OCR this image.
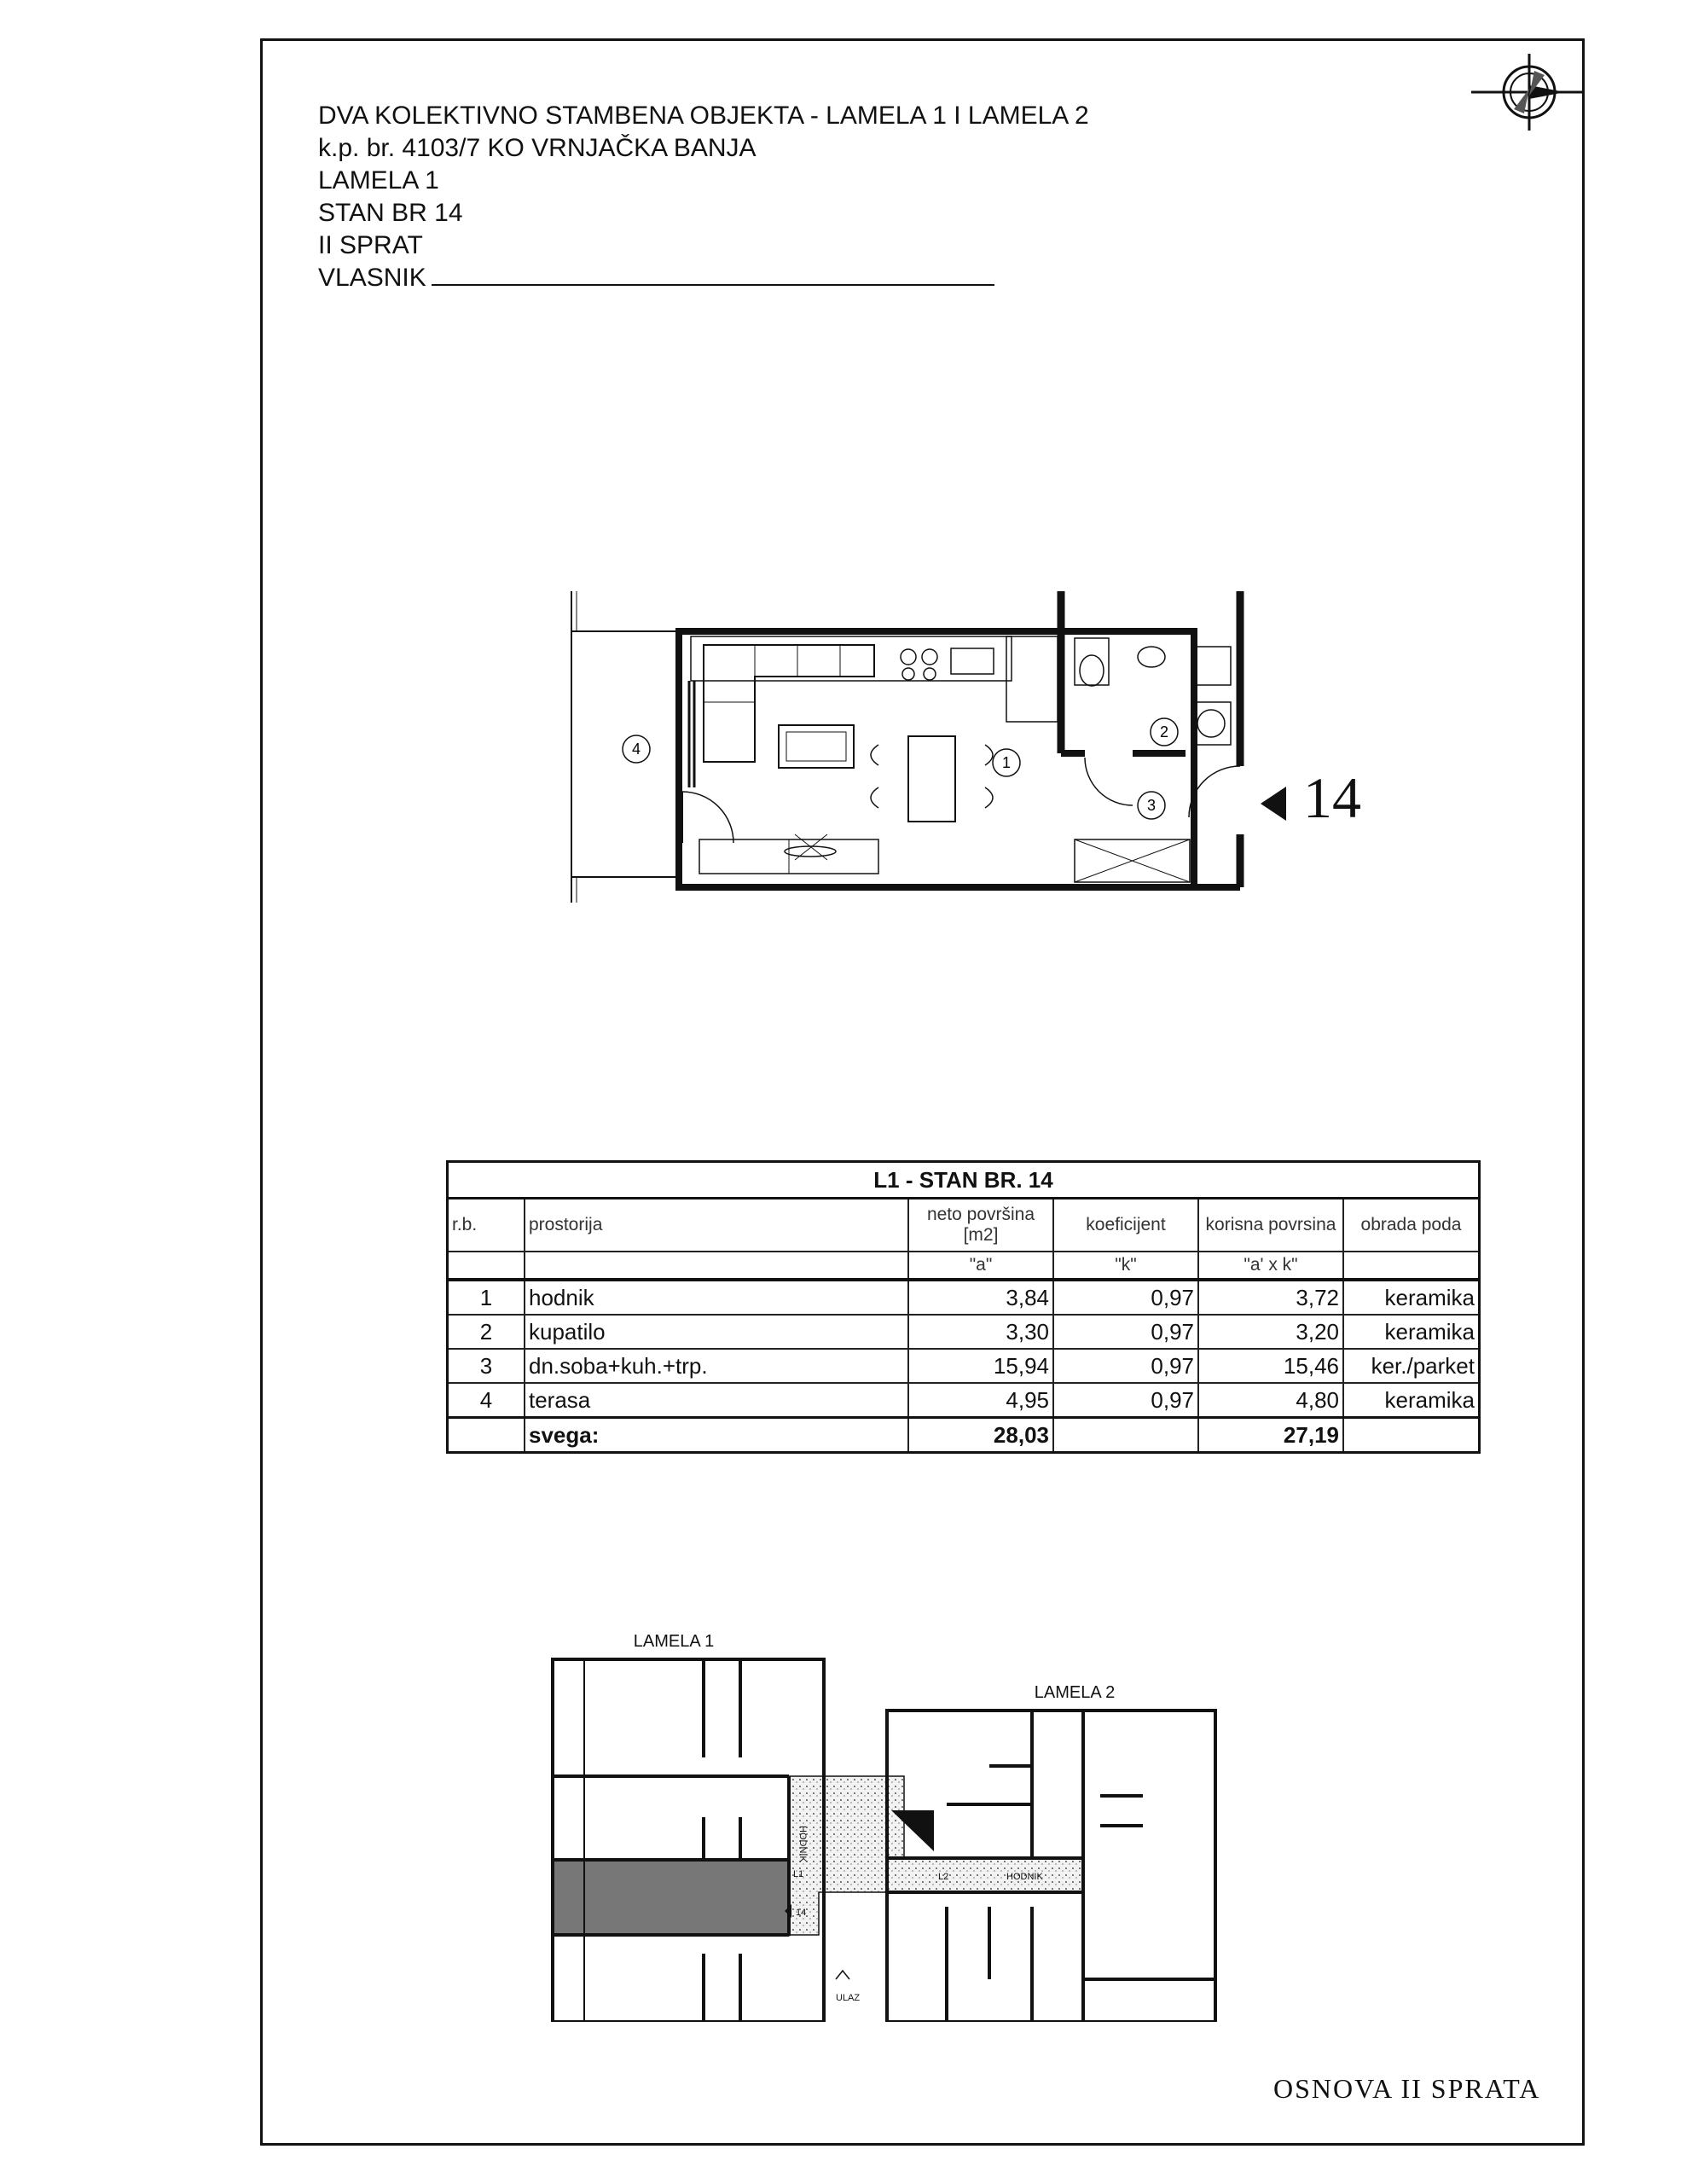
DVA KOLEKTIVNO STAMBENA OBJEKTA - LAMELA 1 I LAMELA 2
k.p. br. 4103/7 KO VRNJAČKA BANJA
LAMELA 1
STAN BR 14
II SPRAT
VLASNIK
1
2
3
4
14
L1 - STAN BR. 14					
r.b.	prostorija	neto površina [m2]	koeficijent	korisna povrsina	obrada poda
		"a"	"k"	"a' x k"	
1	hodnik	3,84	0,97	3,72	keramika
2	kupatilo	3,30	0,97	3,20	keramika
3	dn.soba+kuh.+trp.	15,94	0,97	15,46	ker./parket
4	terasa	4,95	0,97	4,80	keramika
	svega:	28,03		27,19	
LAMELA 1
LAMELA 2
HODNIK
HODNIK
L1	L2
14
ULAZ
OSNOVA II SPRATA
